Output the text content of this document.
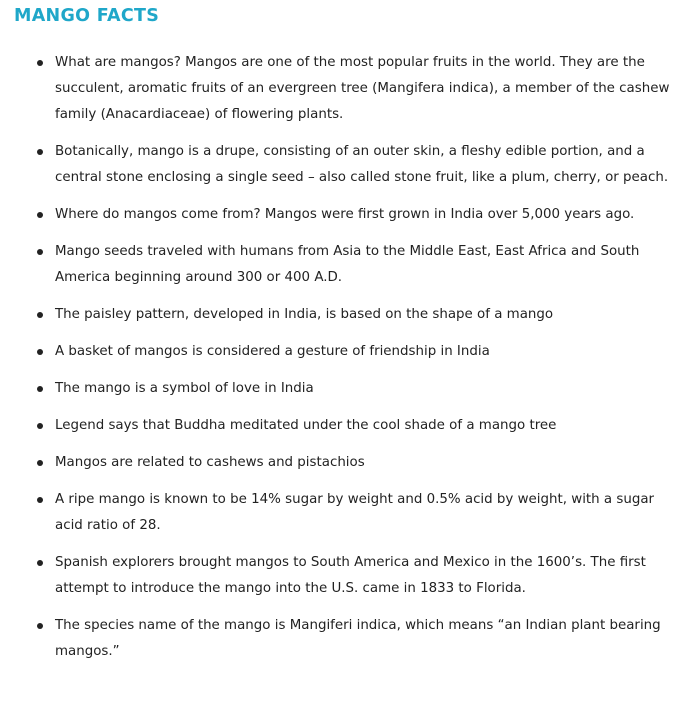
MANGO FACTS
What are mangos? Mangos are one of the most popular fruits in the world. They are the succulent, aromatic fruits of an evergreen tree (Mangifera indica), a member of the cashew family (Anacardiaceae) of flowering plants.
Botanically, mango is a drupe, consisting of an outer skin, a fleshy edible portion, and a central stone enclosing a single seed – also called stone fruit, like a plum, cherry, or peach.
Where do mangos come from? Mangos were first grown in India over 5,000 years ago.
Mango seeds traveled with humans from Asia to the Middle East, East Africa and South America beginning around 300 or 400 A.D.
The paisley pattern, developed in India, is based on the shape of a mango
A basket of mangos is considered a gesture of friendship in India
The mango is a symbol of love in India
Legend says that Buddha meditated under the cool shade of a mango tree
Mangos are related to cashews and pistachios
A ripe mango is known to be 14% sugar by weight and 0.5% acid by weight, with a sugar acid ratio of 28.
Spanish explorers brought mangos to South America and Mexico in the 1600’s. The first attempt to introduce the mango into the U.S. came in 1833 to Florida.
The species name of the mango is Mangiferi indica, which means “an Indian plant bearing mangos.”
